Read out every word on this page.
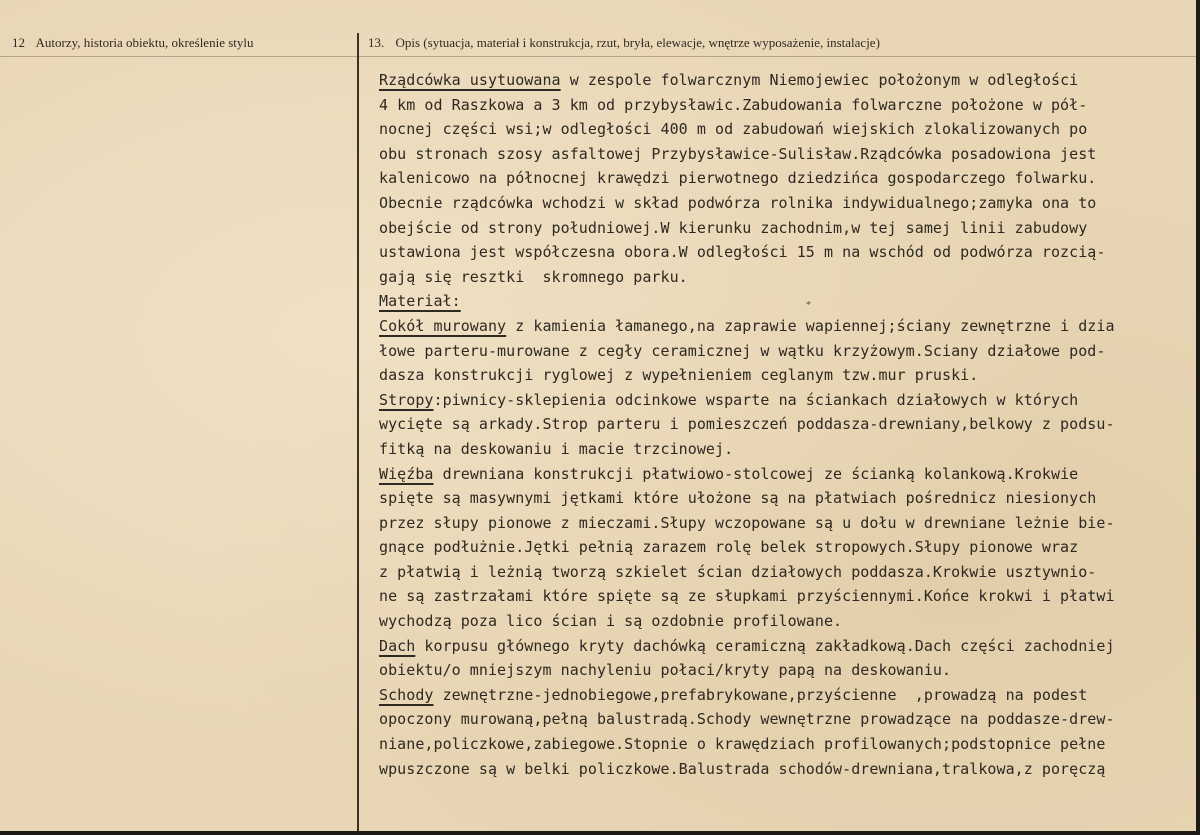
12 Autorzy, historia obiektu, określenie stylu	13. Opis (sytuacja, materiał i konstrukcja, rzut, bryła, elewacje, wnętrze wyposażenie, instalacje)
Rządcówka usytuowana w zespole folwarcznym Niemojewiec położonym w odległości
4 km od Raszkowa a 3 km od przybysławic.Zabudowania folwarczne położone w pół-
nocnej części wsi;w odległości 400 m od zabudowań wiejskich zlokalizowanych po
obu stronach szosy asfaltowej Przybysławice-Sulisław.Rządcówka posadowiona jest
kalenicowo na północnej krawędzi pierwotnego dziedzińca gospodarczego folwarku.
Obecnie rządcówka wchodzi w skład podwórza rolnika indywidualnego;zamyka ona to
obejście od strony południowej.W kierunku zachodnim,w tej samej linii zabudowy
ustawiona jest współczesna obora.W odległości 15 m na wschód od podwórza rozcią-
gają się resztki  skromnego parku.
Materiał:
Cokół murowany z kamienia łamanego,na zaprawie wapiennej;ściany zewnętrzne i dzia
łowe parteru-murowane z cegły ceramicznej w wątku krzyżowym.Sciany działowe pod-
dasza konstrukcji ryglowej z wypełnieniem ceglanym tzw.mur pruski.
Stropy:piwnicy-sklepienia odcinkowe wsparte na ściankach działowych w których
wycięte są arkady.Strop parteru i pomieszczeń poddasza-drewniany,belkowy z podsu-
fitką na deskowaniu i macie trzcinowej.
Więźba drewniana konstrukcji płatwiowo-stolcowej ze ścianką kolankową.Krokwie
spięte są masywnymi jętkami które ułożone są na płatwiach pośrednicz niesionych
przez słupy pionowe z mieczami.Słupy wczopowane są u dołu w drewniane leżnie bie-
gnące podłużnie.Jętki pełnią zarazem rolę belek stropowych.Słupy pionowe wraz
z płatwią i leżnią tworzą szkielet ścian działowych poddasza.Krokwie usztywnio-
ne są zastrzałami które spięte są ze słupkami przyściennymi.Końce krokwi i płatwi
wychodzą poza lico ścian i są ozdobnie profilowane.
Dach korpusu głównego kryty dachówką ceramiczną zakładkową.Dach części zachodniej
obiektu/o mniejszym nachyleniu połaci/kryty papą na deskowaniu.
Schody zewnętrzne-jednobiegowe,prefabrykowane,przyścienne  ,prowadzą na podest
opoczony murowaną,pełną balustradą.Schody wewnętrzne prowadzące na poddasze-drew-
niane,policzkowe,zabiegowe.Stopnie o krawędziach profilowanych;podstopnice pełne
wpuszczone są w belki policzkowe.Balustrada schodów-drewniana,tralkowa,z poręczą
*
